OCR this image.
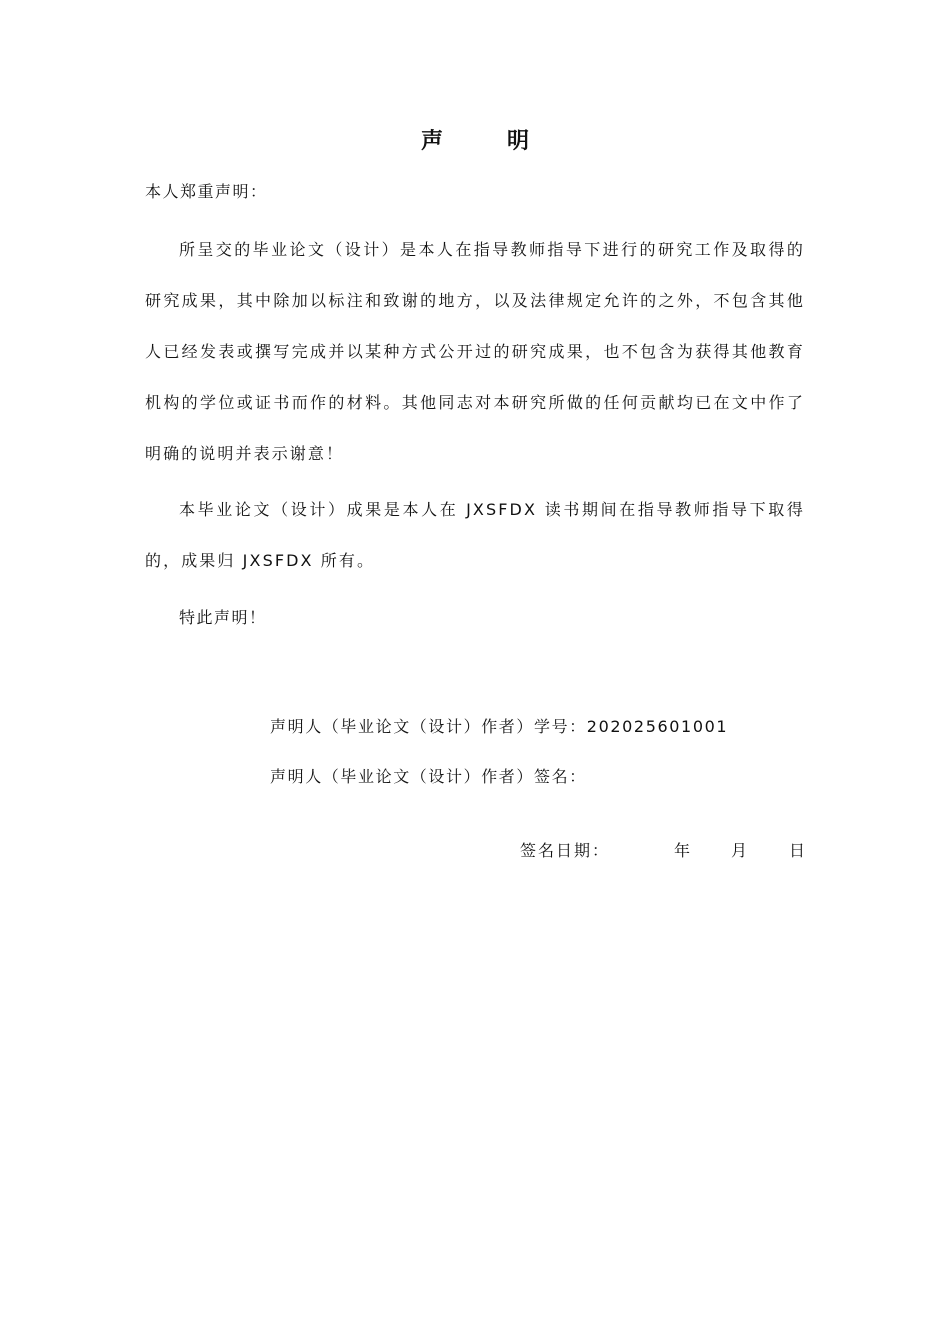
声	明
本人郑重声明：

所呈交的毕业论文（设计）是本人在指导教师指导下进行的研究工作及取得的研究成果，其中除加以标注和致谢的地方，以及法律规定允许的之外，不包含其他人已经发表或撰写完成并以某种方式公开过的研究成果，也不包含为获得其他教育机构的学位或证书而作的材料。其他同志对本研究所做的任何贡献均已在文中作了明确的说明并表示谢意！

本毕业论文（设计）成果是本人在 JXSFDX 读书期间在指导教师指导下取得的，成果归 JXSFDX 所有。

特此声明！
声明人（毕业论文（设计）作者）学号：202025601001
声明人（毕业论文（设计）作者）签名：
签名日期：	年	月	日
